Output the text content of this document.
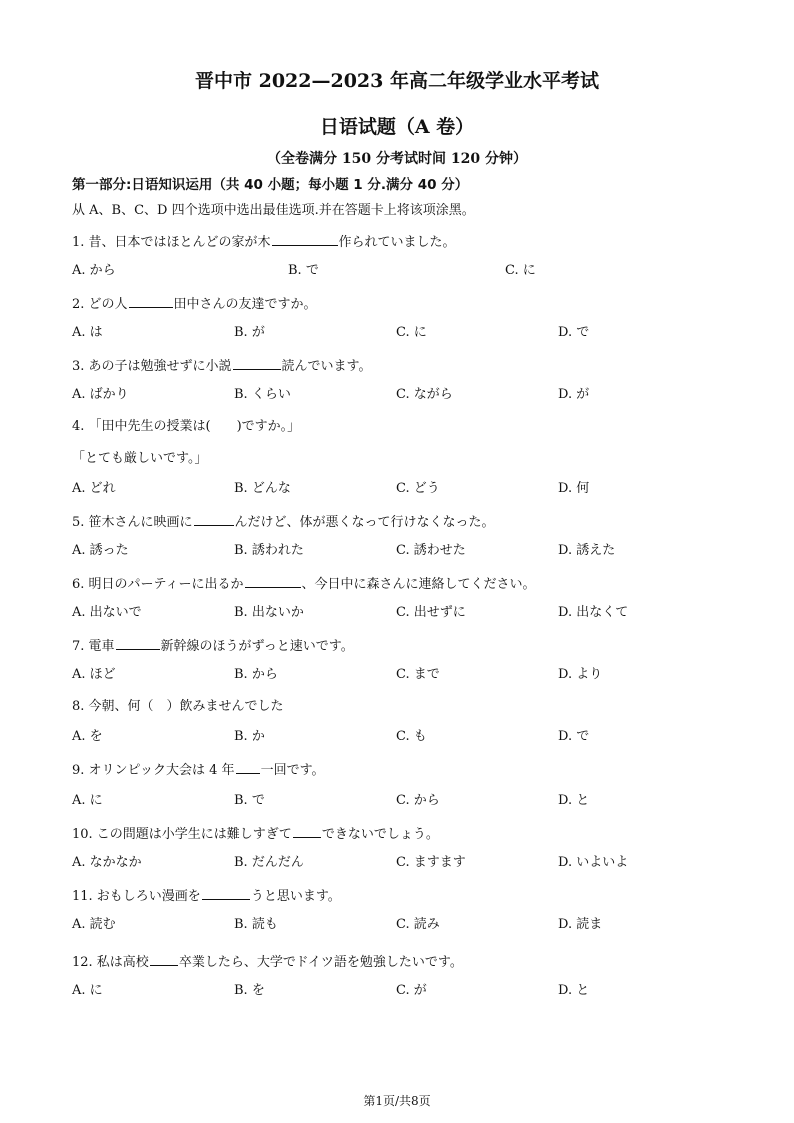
晋中市 2022—2023 年高二年级学业水平考试
日语试题（A 卷）
（全卷满分 150 分考试时间 120 分钟）
第一部分:日语知识运用（共 40 小题；每小题 1 分.满分 40 分）
从 A、B、C、D 四个选项中选出最佳选项.并在答题卡上将该项涂黑。
1. 昔、日本ではほとんどの家が木	作られていました。
A. から	B. で	C. に
2. どの人	田中さんの友達ですか。
A. は	B. が	C. に	D. で
3. あの子は勉強せずに小説	読んでいます。
A. ばかり	B. くらい	C. ながら	D. が
4. 「田中先生の授業は(　　)ですか。」
「とても厳しいです。」
A. どれ	B. どんな	C. どう	D. 何
5. 笹木さんに映画に	んだけど、体が悪くなって行けなくなった。
A. 誘った	B. 誘われた	C. 誘わせた	D. 誘えた
6. 明日のパーティーに出るか	、今日中に森さんに連絡してください。
A. 出ないで	B. 出ないか	C. 出せずに	D. 出なくて
7. 電車	新幹線のほうがずっと速いです。
A. ほど	B. から	C. まで	D. より
8. 今朝、何（　）飲みませんでした
A. を	B. か	C. も	D. で
9. オリンピック大会は 4 年 一回です。
A. に	B. で	C. から	D. と
10. この問題は小学生には難しすぎて できないでしょう。
A. なかなか	B. だんだん	C. ますます	D. いよいよ
11. おもしろい漫画を	うと思います。
A. 読む	B. 読も	C. 読み	D. 読ま
12. 私は高校 卒業したら、大学でドイツ語を勉強したいです。
A. に	B. を	C. が	D. と
第1页/共8页
